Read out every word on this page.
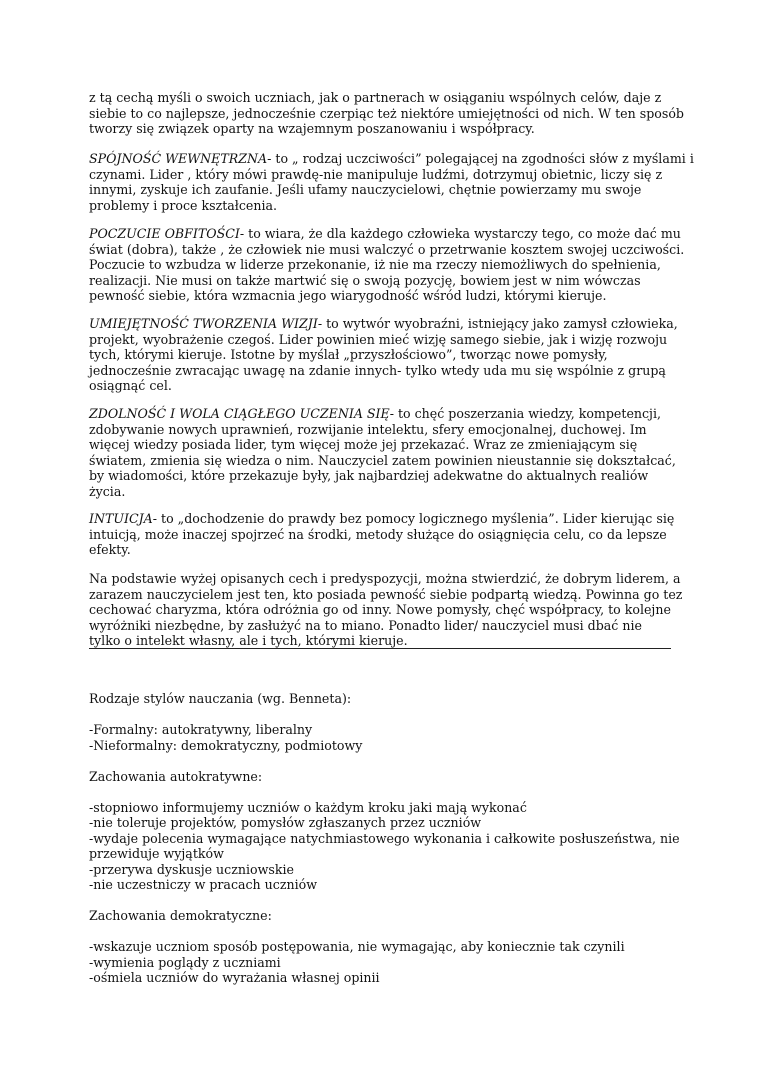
z tą cechą myśli o swoich uczniach, jak o partnerach w osiąganiu wspólnych celów, daje z

siebie to co najlepsze, jednocześnie czerpiąc też niektóre umiejętności od nich. W ten sposób

tworzy się związek oparty na wzajemnym poszanowaniu i współpracy.

SPÓJNOŚĆ WEWNĘTRZNA- to „ rodzaj uczciwości” polegającej na zgodności słów z myślami i

czynami. Lider , który mówi prawdę-nie manipuluje ludźmi, dotrzymuj obietnic, liczy się z

innymi, zyskuje ich zaufanie. Jeśli ufamy nauczycielowi, chętnie powierzamy mu swoje

problemy i proce kształcenia.

POCZUCIE OBFITOŚCI- to wiara, że dla każdego człowieka wystarczy tego, co może dać mu

świat (dobra), także , że człowiek nie musi walczyć o przetrwanie kosztem swojej uczciwości.

Poczucie to wzbudza w liderze przekonanie, iż nie ma rzeczy niemożliwych do spełnienia,

realizacji. Nie musi on także martwić się o swoją pozycję, bowiem jest w nim wówczas

pewność siebie, która wzmacnia jego wiarygodność wśród ludzi, którymi kieruje.

UMIEJĘTNOŚĆ TWORZENIA WIZJI- to wytwór wyobraźni, istniejący jako zamysł człowieka,

projekt, wyobrażenie czegoś. Lider powinien mieć wizję samego siebie, jak i wizję rozwoju

tych, którymi kieruje. Istotne by myślał „przyszłościowo”, tworząc nowe pomysły,

jednocześnie zwracając uwagę na zdanie innych- tylko wtedy uda mu się wspólnie z grupą

osiągnąć cel.

ZDOLNOŚĆ I WOLA CIĄGŁEGO UCZENIA SIĘ- to chęć poszerzania wiedzy, kompetencji,

zdobywanie nowych uprawnień, rozwijanie intelektu, sfery emocjonalnej, duchowej. Im

więcej wiedzy posiada lider, tym więcej może jej przekazać. Wraz ze zmieniającym się

światem, zmienia się wiedza o nim. Nauczyciel zatem powinien nieustannie się dokształcać,

by wiadomości, które przekazuje były, jak najbardziej adekwatne do aktualnych realiów

życia.

INTUICJA- to „dochodzenie do prawdy bez pomocy logicznego myślenia”. Lider kierując się

intuicją, może inaczej spojrzeć na środki, metody służące do osiągnięcia celu, co da lepsze

efekty.

Na podstawie wyżej opisanych cech i predyspozycji, można stwierdzić, że dobrym liderem, a

zarazem nauczycielem jest ten, kto posiada pewność siebie podpartą wiedzą. Powinna go tez

cechować charyzma, która odróżnia go od inny. Nowe pomysły, chęć współpracy, to kolejne

wyróżniki niezbędne, by zasłużyć na to miano. Ponadto lider/ nauczyciel musi dbać nie

tylko o intelekt własny, ale i tych, którymi kieruje.

Rodzaje stylów nauczania (wg. Benneta):

-Formalny: autokratywny, liberalny

-Nieformalny: demokratyczny, podmiotowy

Zachowania autokratywne:

-stopniowo informujemy uczniów o każdym kroku jaki mają wykonać

-nie toleruje projektów, pomysłów zgłaszanych przez uczniów

-wydaje polecenia wymagające natychmiastowego wykonania i całkowite posłuszeństwa, nie

przewiduje wyjątków

-przerywa dyskusje uczniowskie

-nie uczestniczy w pracach uczniów

Zachowania demokratyczne:

-wskazuje uczniom sposób postępowania, nie wymagając, aby koniecznie tak czynili

-wymienia poglądy z uczniami

-ośmiela uczniów do wyrażania własnej opinii
